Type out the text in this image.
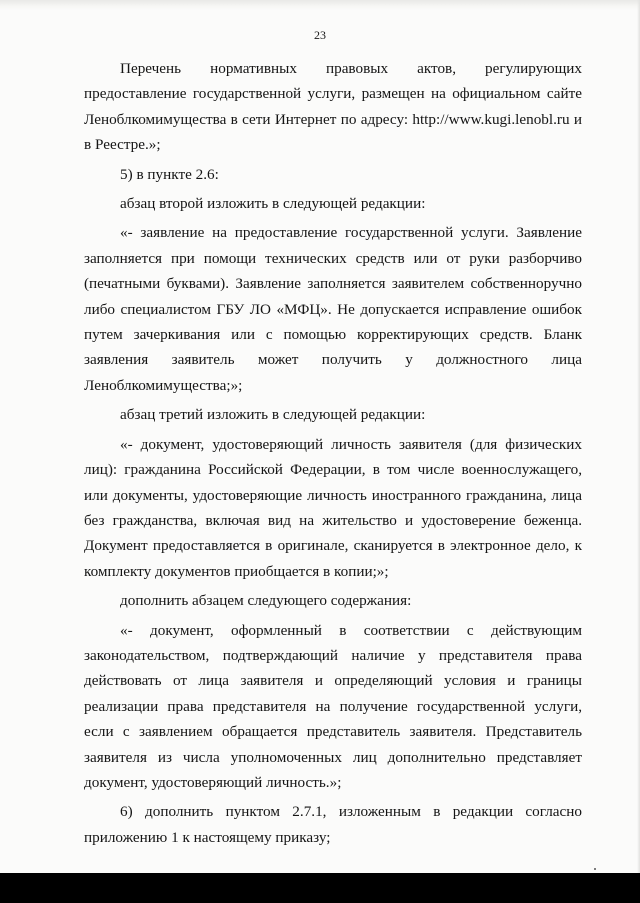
23

Перечень нормативных правовых актов, регулирующих предоставление государственной услуги, размещен на официальном сайте Леноблкомимущества в сети Интернет по адресу: http://www.kugi.lenobl.ru и в Реестре.»;

5) в пункте 2.6:

абзац второй изложить в следующей редакции:

«- заявление на предоставление государственной услуги. Заявление заполняется при помощи технических средств или от руки разборчиво (печатными буквами). Заявление заполняется заявителем собственноручно либо специалистом ГБУ ЛО «МФЦ». Не допускается исправление ошибок путем зачеркивания или с помощью корректирующих средств. Бланк заявления заявитель может получить у должностного лица Леноблкомимущества;»;

абзац третий изложить в следующей редакции:

«- документ, удостоверяющий личность заявителя (для физических лиц): гражданина Российской Федерации, в том числе военнослужащего, или документы, удостоверяющие личность иностранного гражданина, лица без гражданства, включая вид на жительство и удостоверение беженца. Документ предоставляется в оригинале, сканируется в электронное дело, к комплекту документов приобщается в копии;»;

дополнить абзацем следующего содержания:

«- документ, оформленный в соответствии с действующим законодательством, подтверждающий наличие у представителя права действовать от лица заявителя и определяющий условия и границы реализации права представителя на получение государственной услуги, если с заявлением обращается представитель заявителя. Представитель заявителя из числа уполномоченных лиц дополнительно представляет документ, удостоверяющий личность.»;

6) дополнить пунктом 2.7.1, изложенным в редакции согласно приложению 1 к настоящему приказу;
